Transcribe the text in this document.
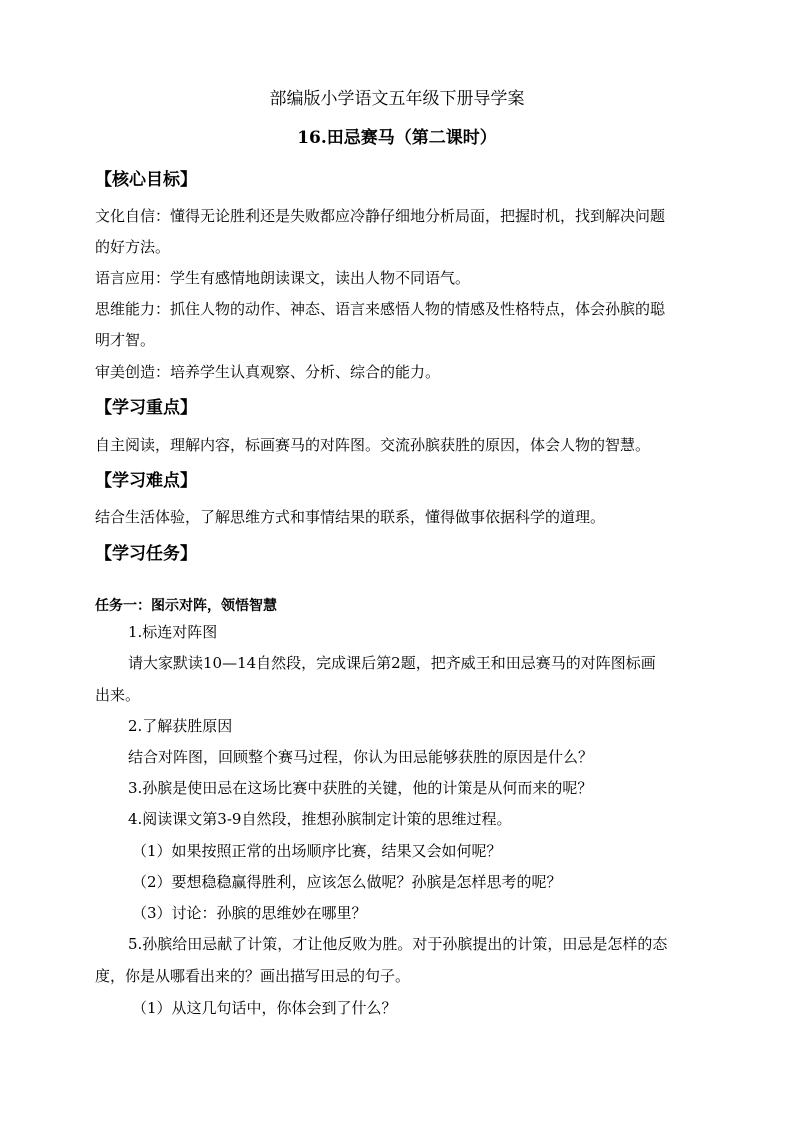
部编版小学语文五年级下册导学案
16.田忌赛马（第二课时）
【核心目标】
文化自信：懂得无论胜利还是失败都应冷静仔细地分析局面，把握时机，找到解决问题
的好方法。
语言应用：学生有感情地朗读课文，读出人物不同语气。
思维能力：抓住人物的动作、神态、语言来感悟人物的情感及性格特点，体会孙膑的聪
明才智。
审美创造：培养学生认真观察、分析、综合的能力。
【学习重点】
自主阅读，理解内容，标画赛马的对阵图。交流孙膑获胜的原因，体会人物的智慧。
【学习难点】
结合生活体验，了解思维方式和事情结果的联系，懂得做事依据科学的道理。
【学习任务】
任务一：图示对阵，领悟智慧
1.标连对阵图
请大家默读10—14自然段，完成课后第2题，把齐威王和田忌赛马的对阵图标画
出来。
2.了解获胜原因
结合对阵图，回顾整个赛马过程，你认为田忌能够获胜的原因是什么？
3.孙膑是使田忌在这场比赛中获胜的关键，他的计策是从何而来的呢？
4.阅读课文第3-9自然段，推想孙膑制定计策的思维过程。
（1）如果按照正常的出场顺序比赛，结果又会如何呢？
（2）要想稳稳赢得胜利，应该怎么做呢？孙膑是怎样思考的呢？
（3）讨论：孙膑的思维妙在哪里？
5.孙膑给田忌献了计策，才让他反败为胜。对于孙膑提出的计策，田忌是怎样的态
度，你是从哪看出来的？画出描写田忌的句子。
（1）从这几句话中，你体会到了什么？
